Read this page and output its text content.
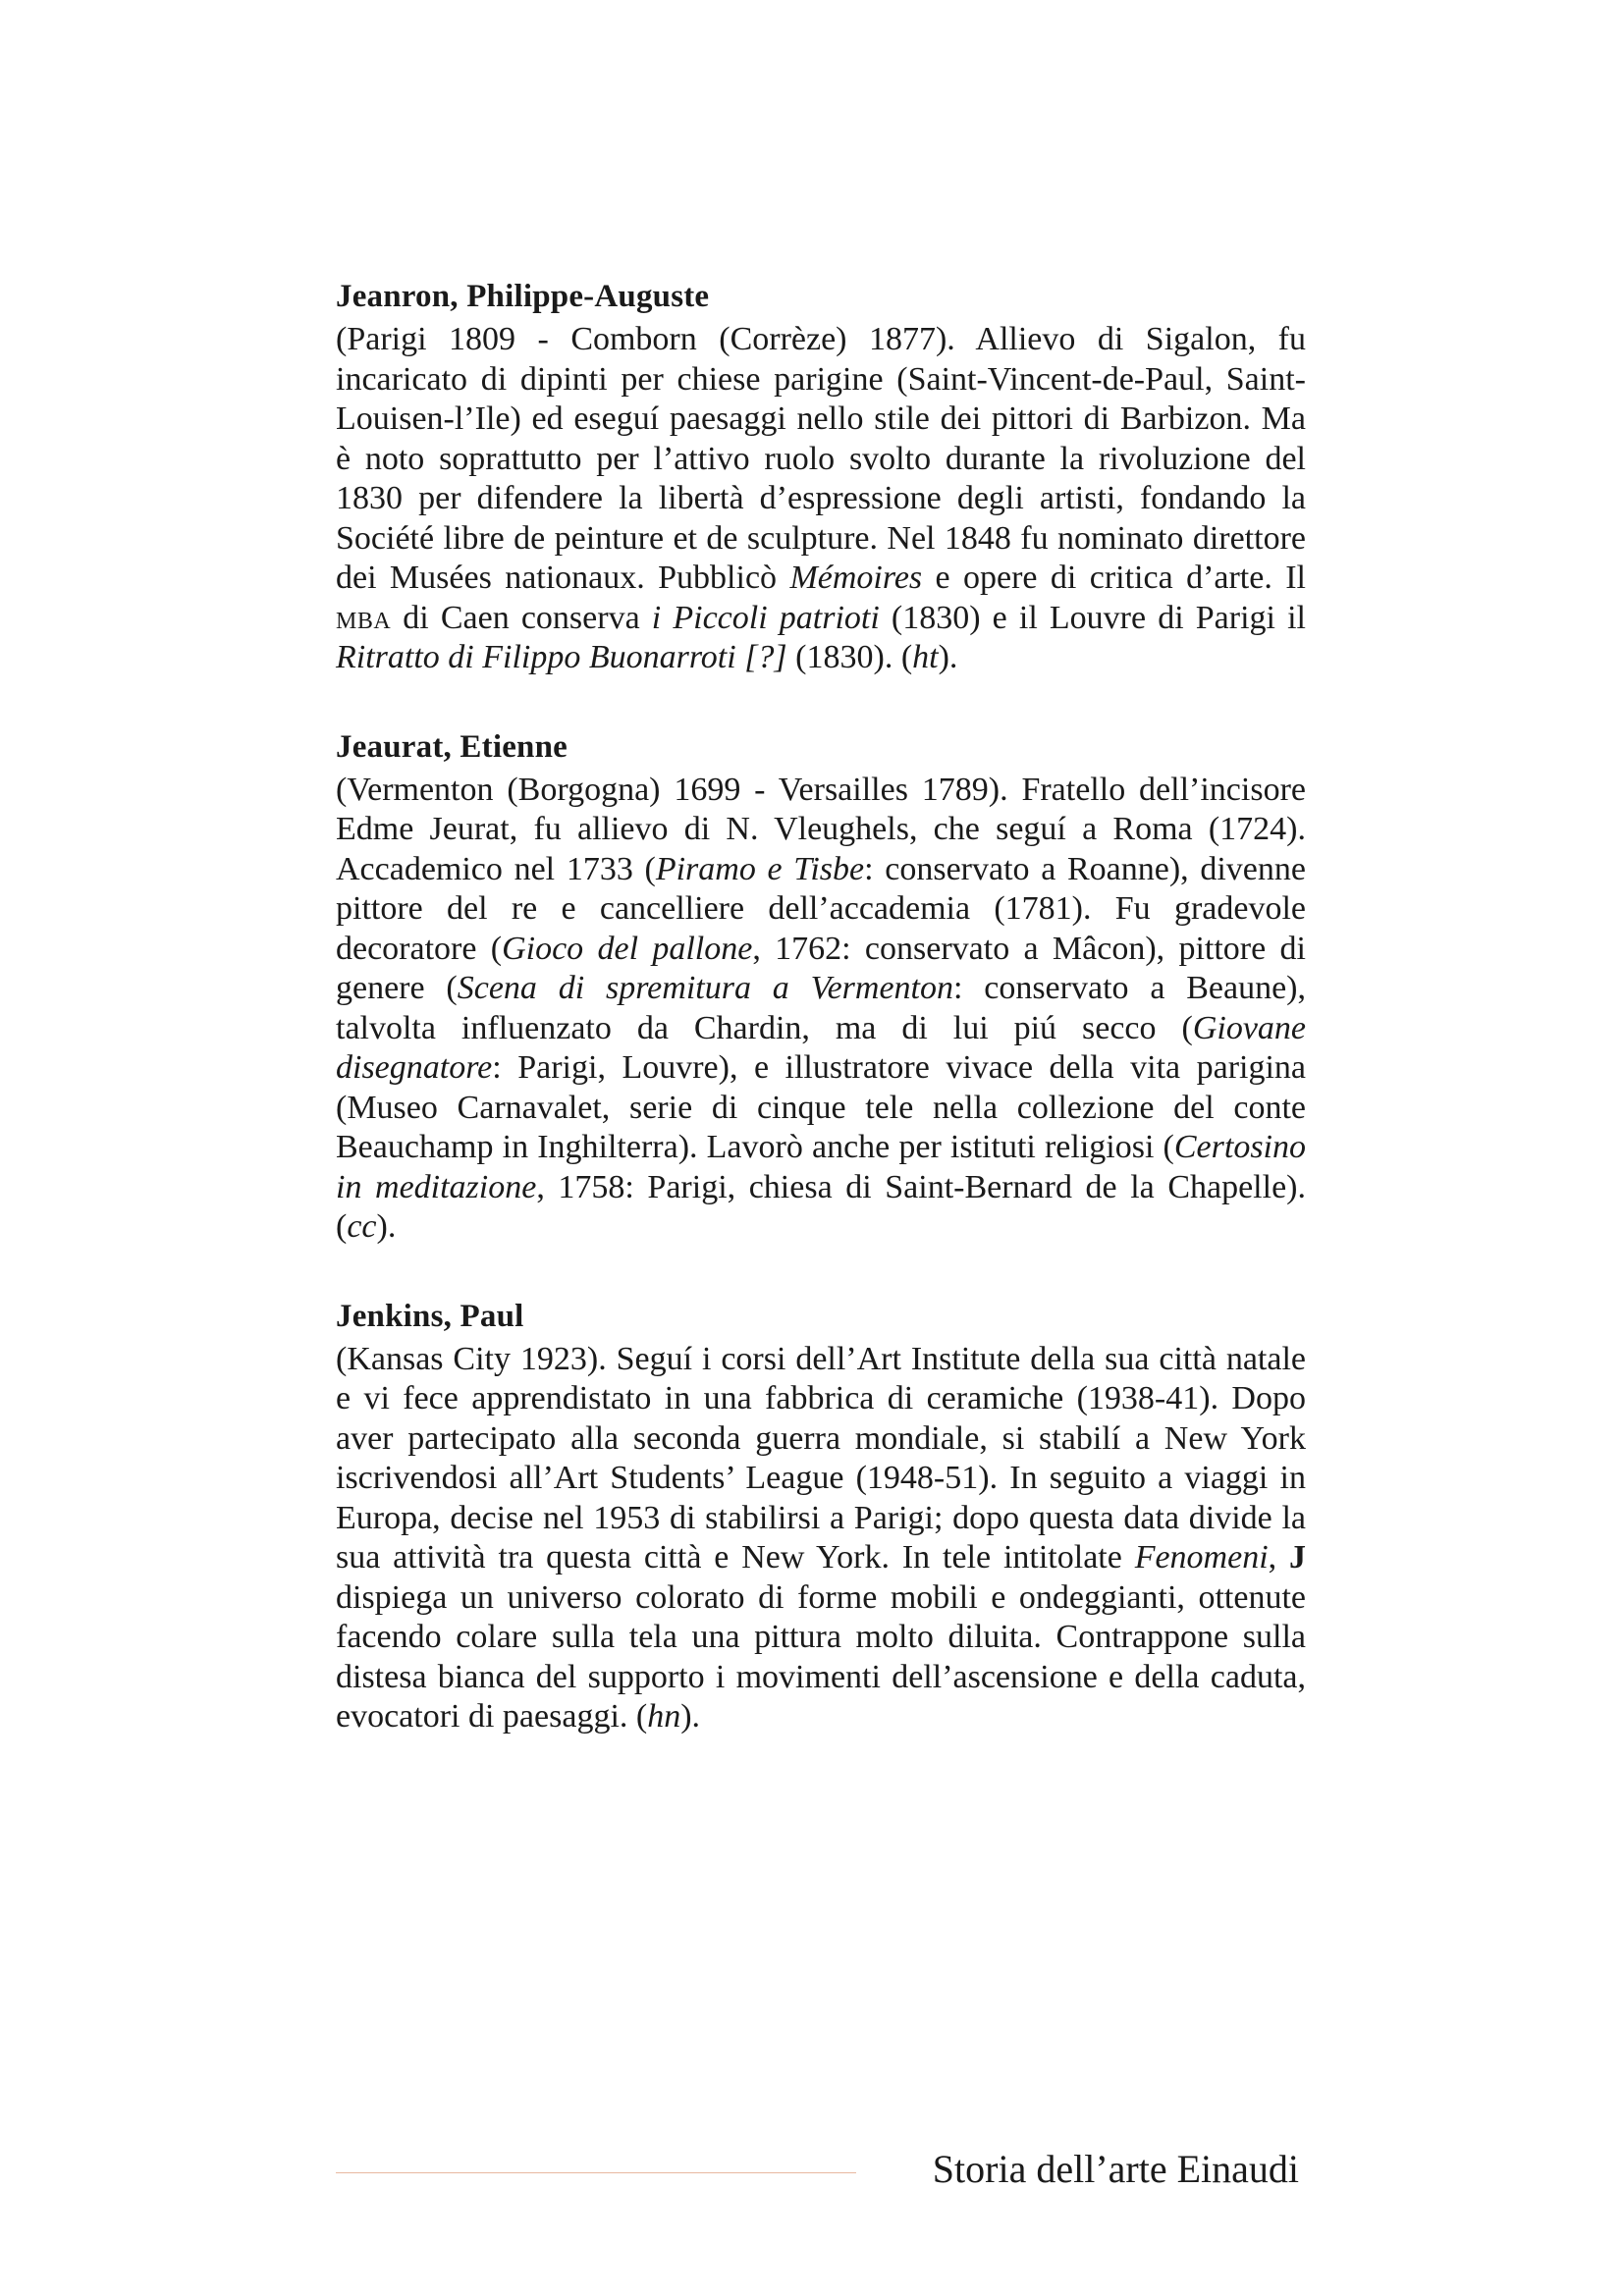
Jeanron, Philippe-Auguste

(Parigi 1809 - Comborn (Corrèze) 1877). Allievo di Sigalon, fu incaricato di dipinti per chiese parigine (Saint-Vincent-de-Paul, Saint-Louisen-l’Ile) ed eseguí paesaggi nello stile dei pittori di Barbizon. Ma è noto soprattutto per l’attivo ruolo svolto durante la rivoluzione del 1830 per difendere la libertà d’espressione degli artisti, fondando la Société libre de peinture et de sculpture. Nel 1848 fu nominato direttore dei Musées nationaux. Pubblicò Mémoires e opere di critica d’arte. Il mba di Caen conserva i Piccoli patrioti (1830) e il Louvre di Parigi il Ritratto di Filippo Buonarroti [?] (1830). (ht).

Jeaurat, Etienne

(Vermenton (Borgogna) 1699 - Versailles 1789). Fratello dell’incisore Edme Jeurat, fu allievo di N. Vleughels, che seguí a Roma (1724). Accademico nel 1733 (Piramo e Tisbe: conservato a Roanne), divenne pittore del re e cancelliere dell’accademia (1781). Fu gradevole decoratore (Gioco del pallone, 1762: conservato a Mâcon), pittore di genere (Scena di spremitura a Vermenton: conservato a Beaune), talvolta influenzato da Chardin, ma di lui piú secco (Giovane disegnatore: Parigi, Louvre), e illustratore vivace della vita parigina (Museo Carnavalet, serie di cinque tele nella collezione del conte Beauchamp in Inghilterra). Lavorò anche per istituti religiosi (Certosino in meditazione, 1758: Parigi, chiesa di Saint-Bernard de la Chapelle). (cc).

Jenkins, Paul

(Kansas City 1923). Seguí i corsi dell’Art Institute della sua città natale e vi fece apprendistato in una fabbrica di ceramiche (1938-41). Dopo aver partecipato alla seconda guerra mondiale, si stabilí a New York iscrivendosi all’Art Students’ League (1948-51). In seguito a viaggi in Europa, decise nel 1953 di stabilirsi a Parigi; dopo questa data divide la sua attività tra questa città e New York. In tele intitolate Fenomeni, J dispiega un universo colorato di forme mobili e ondeggianti, ottenute facendo colare sulla tela una pittura molto diluita. Contrappone sulla distesa bianca del supporto i movimenti dell’ascensione e della caduta, evocatori di paesaggi. (hn).

Storia dell’arte Einaudi
